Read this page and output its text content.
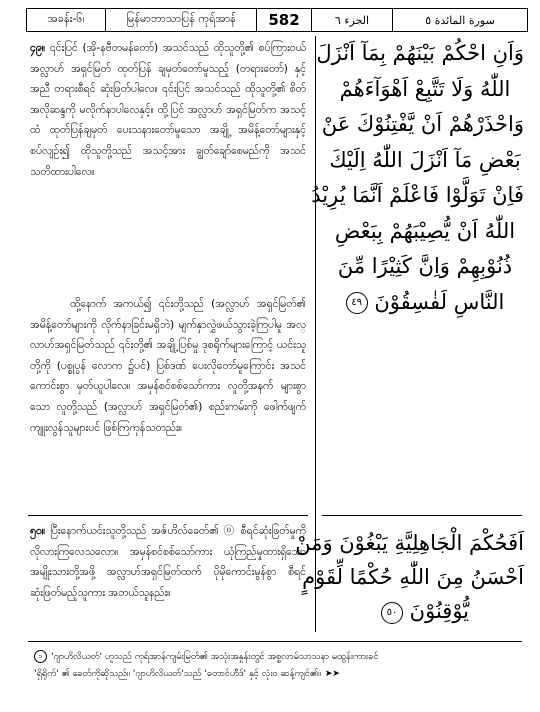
အခန်း-၆၊	မြန်မာဘာသာပြန် ကုရ်အာန်	582	الجزء ٦	سورة المائدة ٥

၄၉။ ၎င်းပြင် (အို-နဗီတမန်တော်) အသင်သည် ထိုသူတို့၏ စပ်ကြားဝယ် အလ္လာဟ် အရှင်မြတ် ထုတ်ပြန် ချမှတ်တော်မူသည့် (တရားတော်) နှင့်အညီ တရားစီရင် ဆုံးဖြတ်ပါလေ။ ၎င်းပြင် အသင်သည် ထိုသူတို့၏ စိတ်အလိုဆန္ဒကို မလိုက်နာပါလေနှင့်။ ထို့ပြင် အလ္လာဟ် အရှင်မြတ်က အသင့်ထံ ထုတ်ပြန်ချမှတ် ပေးသနားတော်မူသော အချို့ အမိန့်တော်များနှင့် စပ်လျဉ်း၍ ထိုသူတို့သည် အသင့်အား ချွတ်ချော်စေမည်ကို အသင် သတိထားပါလေ။

ထို့နောက် အကယ်၍ ၎င်းတို့သည် (အလ္လာဟ် အရှင်မြတ်၏ အမိန့်တော်များကို လိုက်နာခြင်းမရှိဘဲ) မျက်နှာလွှဲဖယ်သွားခဲ့ကြပါမူ အလ္လာဟ်အရှင်မြတ်သည် ၎င်းတို့၏ အချို့ပြစ်မှု ဒုစရိုက်များကြောင့် ယင်းသူတို့ကို (ပစ္စုပ္ပန် လောက ၌ပင်) ပြစ်ဒဏ် ပေးလိုတော်မူကြောင်း အသင် ကောင်းစွာ မှတ်ယူပါလေ။ အမှန်စင်စစ်သော်ကား လူတို့အနက် များစွာသော လူတို့သည် (အလ္လာဟ် အရှင်မြတ်၏) စည်းကမ်းကို ဖေါက်ဖျက်ကျူးလွန်သူများပင် ဖြစ်ကြကုန်သတည်း။

၅၀။ ပြီးနောက်ယင်းသူတို့သည် အဇ်ဟိလ်ခေတ်၏ ⓞ စီရင်ဆုံးဖြတ်မှုကို လိုလားကြလေသလော။ အမှန်စင်စစ်သော်ကား ယုံကြည်မှုထားရှိသော အမျိုးသားတို့အဖို့ အလ္လာဟ်အရှင်မြတ်ထက် ပိုမိုကောင်းမွန်စွာ စီရင်ဆုံးဖြတ်မည့်သူကား အဘယ်သူနည်း။

وَاَنِ احْكُمْ بَيْنَهُمْ بِمَآ اَنْزَلَ
اللّٰهُ وَلَا تَتَّبِعْ اَهْوَآءَهُمْ
وَاحْذَرْهُمْ اَنْ يَّفْتِنُوْكَ عَنْ
بَعْضِ مَآ اَنْزَلَ اللّٰهُ اِلَيْكَ
فَاِنْ تَوَلَّوْا فَاعْلَمْ اَنَّمَا يُرِيْدُ
اللّٰهُ اَنْ يُّصِيْبَهُمْ بِبَعْضِ
ذُنُوْبِهِمْ وَاِنَّ كَثِيْرًا مِّنَ
النَّاسِ لَفٰسِقُوْنَ ٤٩
اَفَحُكْمَ الْجَاهِلِيَّةِ يَبْغُوْنَ وَمَنْ
اَحْسَنُ مِنَ اللّٰهِ حُكْمًا لِّقَوْمٍ
يُّوْقِنُوْنَ ٥٠
၁ 'ဂျာဟိလိယတ်' ဟူသည် ကုရ်အာန်ကျမ်းမြတ်၏ အသုံးအနှုန်းတွင် အစ္စလာမ်သာသနာ မထွန်းကားခင်
'ရှိရိုက်' ၏ ခေတ်ကိုဆိုသည်။ 'ဂျာဟိလိယတ်'သည် 'တောင်ဟီဒ်' နှင့် လုံးဝ ဆန့်ကျင်၏။ ➤➤
